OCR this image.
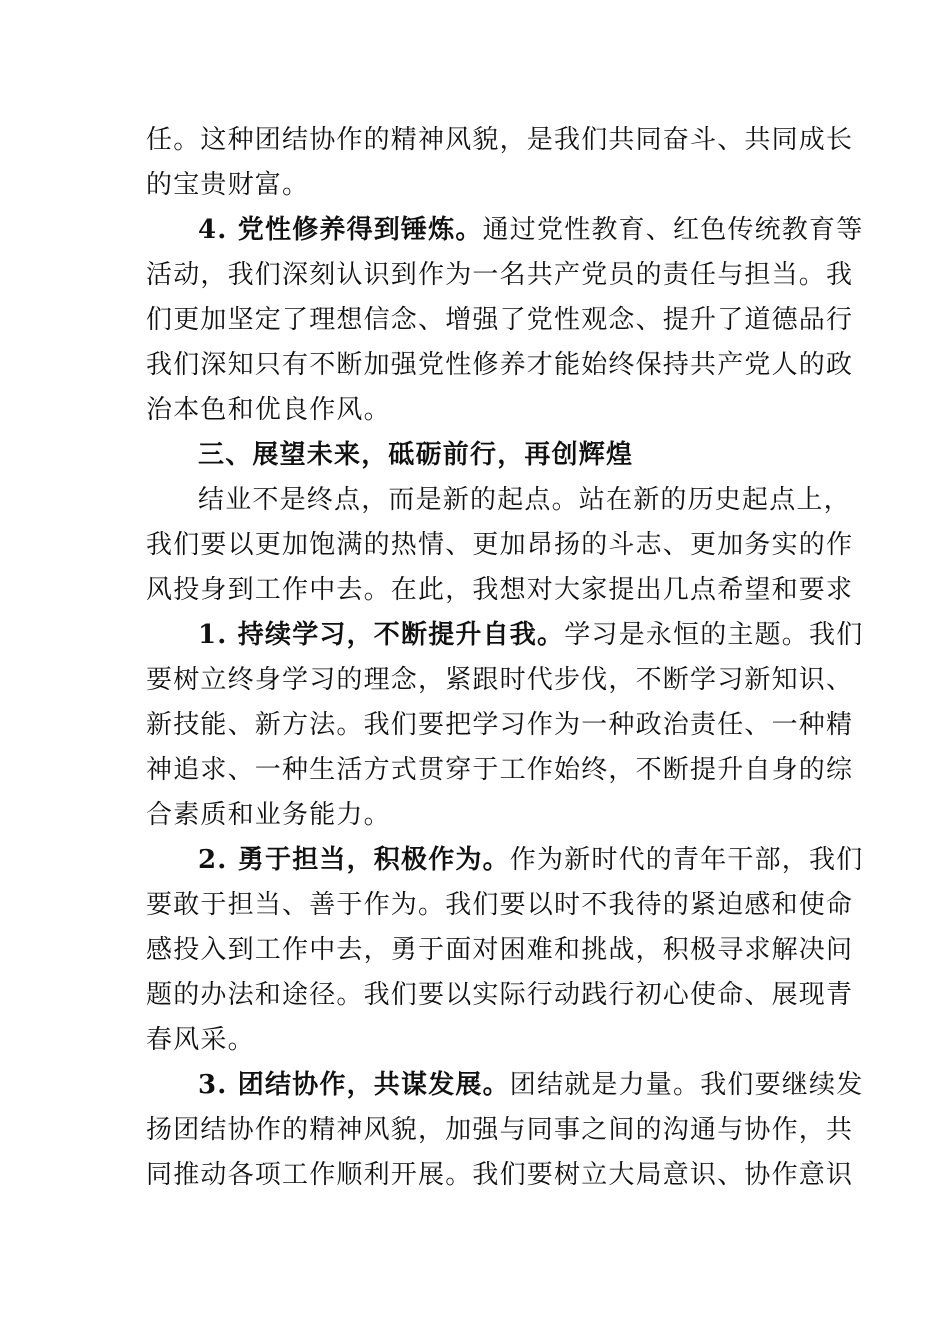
任。这种团结协作的精神风貌，是我们共同奋斗、共同成长
的宝贵财富。
4. 党性修养得到锤炼。通过党性教育、红色传统教育等
活动，我们深刻认识到作为一名共产党员的责任与担当。我
们更加坚定了理想信念、增强了党性观念、提升了道德品行
我们深知只有不断加强党性修养才能始终保持共产党人的政
治本色和优良作风。
三、展望未来，砥砺前行，再创辉煌
结业不是终点，而是新的起点。站在新的历史起点上，
我们要以更加饱满的热情、更加昂扬的斗志、更加务实的作
风投身到工作中去。在此，我想对大家提出几点希望和要求
1. 持续学习，不断提升自我。学习是永恒的主题。我们
要树立终身学习的理念，紧跟时代步伐，不断学习新知识、
新技能、新方法。我们要把学习作为一种政治责任、一种精
神追求、一种生活方式贯穿于工作始终，不断提升自身的综
合素质和业务能力。
2. 勇于担当，积极作为。作为新时代的青年干部，我们
要敢于担当、善于作为。我们要以时不我待的紧迫感和使命
感投入到工作中去，勇于面对困难和挑战，积极寻求解决问
题的办法和途径。我们要以实际行动践行初心使命、展现青
春风采。
3. 团结协作，共谋发展。团结就是力量。我们要继续发
扬团结协作的精神风貌，加强与同事之间的沟通与协作，共
同推动各项工作顺利开展。我们要树立大局意识、协作意识
